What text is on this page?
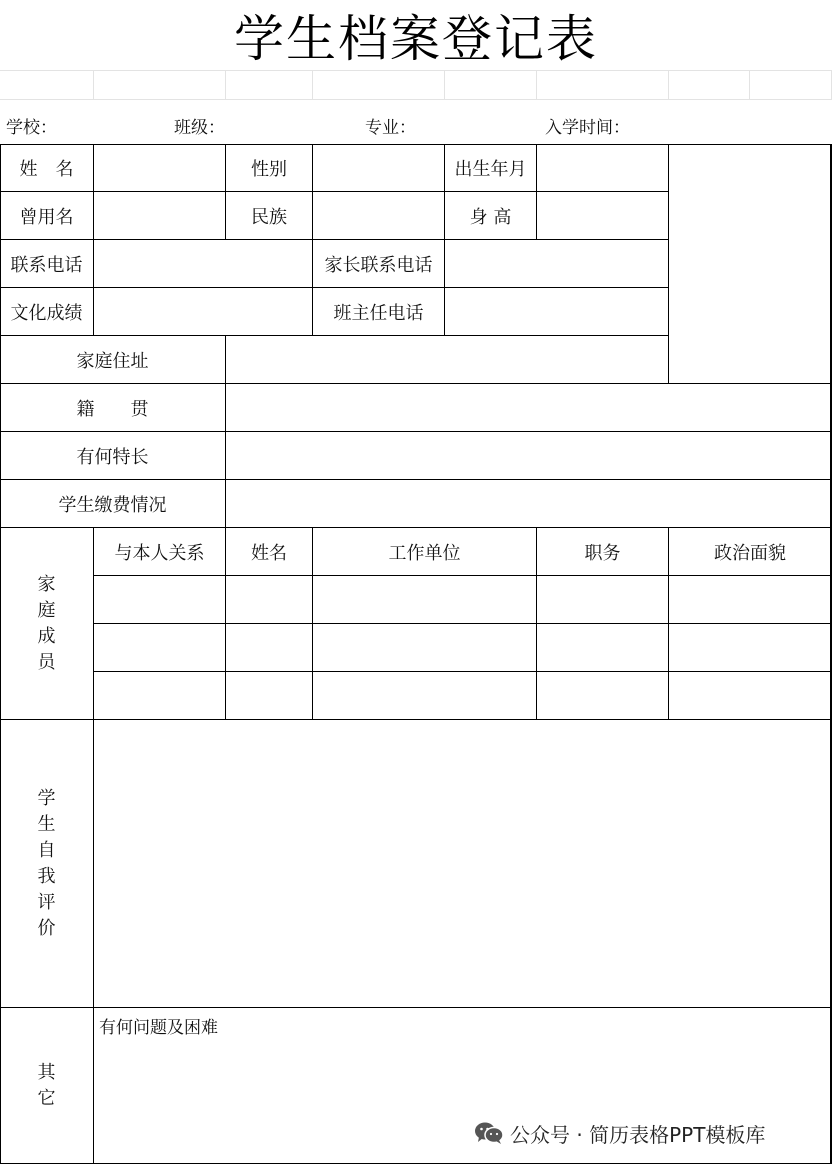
学生档案登记表
学校：	班级：	专业：	入学时间：
姓　名	性别	出生年月
曾用名	民族	身 高
联系电话	家长联系电话
文化成绩	班主任电话
家庭住址
籍　　贯
有何特长
学生缴费情况
家
庭
成
员
与本人关系	姓名	工作单位	职务	政治面貌
学
生
自
我
评
价
其
它
有何问题及困难
公众号 · 简历表格PPT模板库
